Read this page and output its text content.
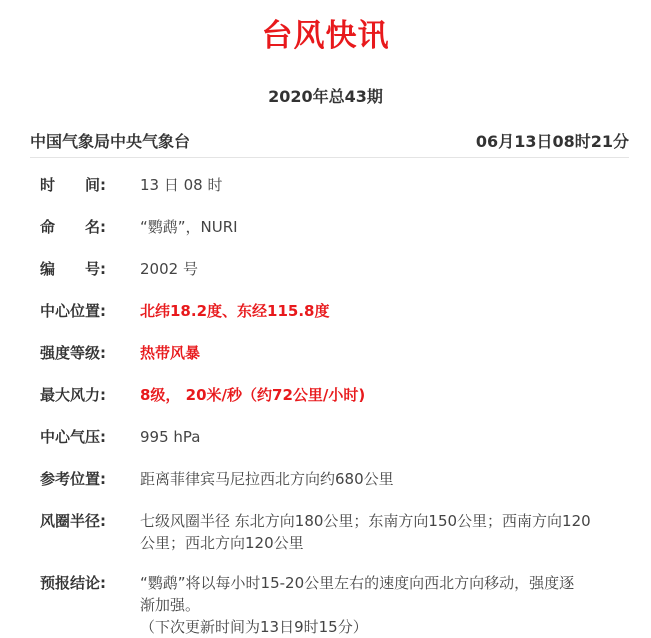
台风快讯
2020年总43期
中国气象局中央气象台	06月13日08时21分
时 间: 13 日 08 时
命 名: “鹦鹉”，NURI
编 号: 2002 号
中心位置: 北纬18.2度、东经115.8度
强度等级: 热带风暴
最大风力: 8级， 20米/秒（约72公里/小时)
中心气压: 995 hPa
参考位置: 距离菲律宾马尼拉西北方向约680公里
风圈半径: 七级风圈半径 东北方向180公里；东南方向150公里；西南方向120
公里；西北方向120公里
预报结论: “鹦鹉”将以每小时15-20公里左右的速度向西北方向移动，强度逐
渐加强。
（下次更新时间为13日9时15分）
